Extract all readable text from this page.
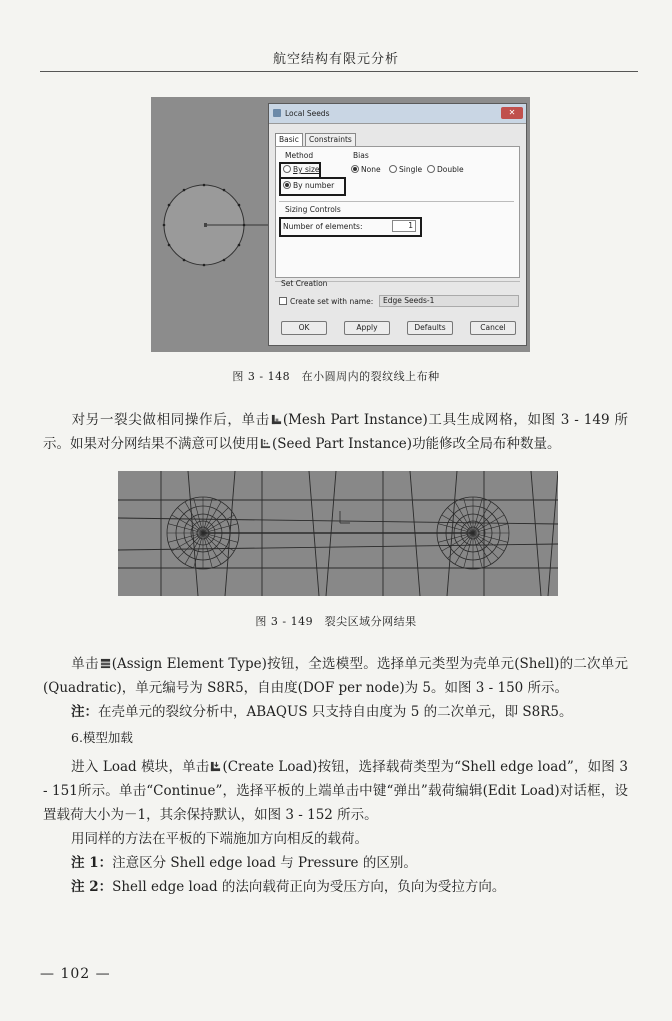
航空结构有限元分析
Local Seeds	✕
Basic	Constraints
Method
By size
By number
Bias
None	Single	Double
Sizing Controls
Number of elements:	1
Set Creation
Create set with name:	Edge Seeds-1
OK	Apply	Defaults	Cancel
图 3 - 148　在小圆周内的裂纹线上布种
对另一裂尖做相同操作后，单击 (Mesh Part Instance)工具生成网格，如图 3 - 149 所示。如果对分网结果不满意可以使用 (Seed Part Instance)功能修改全局布种数量。
图 3 - 149　裂尖区域分网结果
单击 (Assign Element Type)按钮，全选模型。选择单元类型为壳单元(Shell)的二次单元(Quadratic)，单元编号为 S8R5，自由度(DOF per node)为 5。如图 3 - 150 所示。
注：在壳单元的裂纹分析中，ABAQUS 只支持自由度为 5 的二次单元，即 S8R5。
6.模型加载
进入 Load 模块，单击 (Create Load)按钮，选择载荷类型为“Shell edge load”，如图 3 - 151所示。单击“Continue”，选择平板的上端单击中键“弹出”载荷编辑(Edit Load)对话框，设置载荷大小为－1，其余保持默认，如图 3 - 152 所示。
用同样的方法在平板的下端施加方向相反的载荷。
注 1：注意区分 Shell edge load 与 Pressure 的区别。
注 2：Shell edge load 的法向载荷正向为受压方向，负向为受拉方向。
— 102 —
